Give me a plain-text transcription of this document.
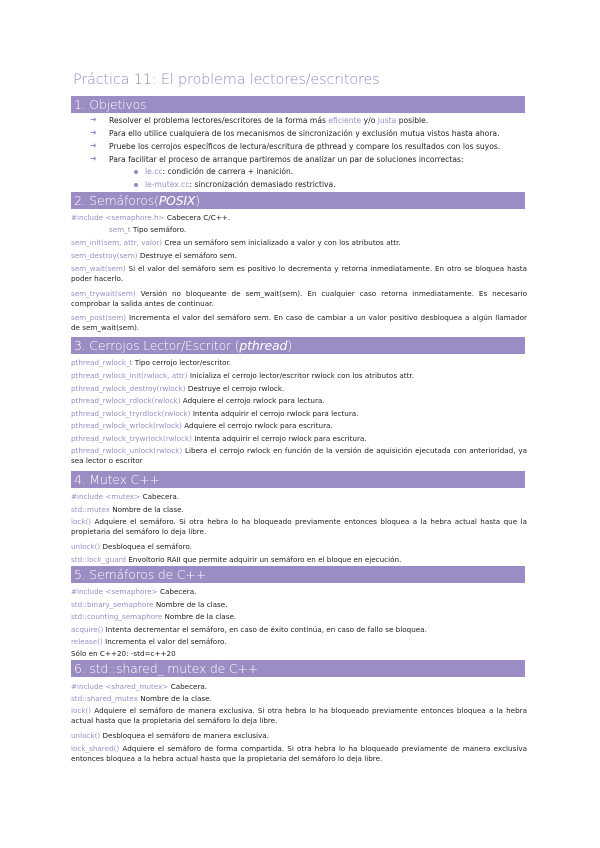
Práctica 11: El problema lectores/escritores
1. Objetivos
➔ Resolver el problema lectores/escritores de la forma más eficiente y/o justa posible.
➔ Para ello utilice cualquiera de los mecanismos de sincronización y exclusión mutua vistos hasta ahora.
➔ Pruebe los cerrojos específicos de lectura/escritura de pthread y compare los resultados con los suyos.
➔ Para facilitar el proceso de arranque partiremos de analizar un par de soluciones incorrectas:
le.cc: condición de carrera + inanición.
le-mutex.cc: sincronización demasiado restrictiva.
2. Semáforos(POSIX)
#include <semaphore.h> Cabecera C/C++.
sem_t Tipo semáforo.
sem_init(sem, attr, valor) Crea un semáforo sem inicializado a valor y con los atributos attr.
sem_destroy(sem) Destruye el semáforo sem.
sem_wait(sem) Si el valor del semáforo sem es positivo lo decrementa y retorna inmediatamente. En otro se bloquea hasta poder hacerlo.
sem_trywait(sem) Versión no bloqueante de sem_wait(sem). En cualquier caso retorna inmediatamente. Es necesario comprobar la salida antes de continuar.
sem_post(sem) Incrementa el valor del semáforo sem. En caso de cambiar a un valor positivo desbloquea a algún llamador de sem_wait(sem).
3. Cerrojos Lector/Escritor (pthread)
pthread_rwlock_t Tipo cerrojo lector/escritor.
pthread_rwlock_init(rwlock, attr) Inicializa el cerrojo lector/escritor rwlock con los atributos attr.
pthread_rwlock_destroy(rwlock) Destruye el cerrojo rwlock.
pthread_rwlock_rdlock(rwlock) Adquiere el cerrojo rwlock para lectura.
pthread_rwlock_tryrdlock(rwlock) Intenta adquirir el cerrojo rwlock para lectura.
pthread_rwlock_wrlock(rwlock) Adquiere el cerrojo rwlock para escritura.
pthread_rwlock_trywrlock(rwlock) Intenta adquirir el cerrojo rwlock para escritura.
pthread_rwlock_unlock(rwlock) Libera el cerrojo rwlock en función de la versión de aquisición ejecutada con anterioridad, ya sea lector o escritor
4. Mutex C++
#include <mutex> Cabecera.
std::mutex Nombre de la clase.
lock() Adquiere el semáforo. Si otra hebra lo ha bloqueado previamente entonces bloquea a la hebra actual hasta que la propietaria del semáforo lo deja libre.
unlock() Desbloquea el semáforo.
std::lock_guard Envoltorio RAII que permite adquirir un semáforo en el bloque en ejecución.
5. Semáforos de C++
#include <semaphore> Cabecera.
std::binary_semaphore Nombre de la clase.
std::counting_semaphore Nombre de la clase.
acquire() Intenta decrementar el semáforo, en caso de éxito continúa, en caso de fallo se bloquea.
release() Incrementa el valor del semáforo.
Sólo en C++20: -std=c++20
6. std::shared_ mutex de C++
#include <shared_mutex> Cabecera.
std::shared_mutex Nombre de la clase.
lock() Adquiere el semáforo de manera exclusiva. Si otra hebra lo ha bloqueado previamente entonces bloquea a la hebra actual hasta que la propietaria del semáforo lo deja libre.
unlock() Desbloquea el semáforo de manera exclusiva.
lock_shared() Adquiere el semáforo de forma compartida. Si otra hebra lo ha bloqueado previamente de manera exclusiva entonces bloquea a la hebra actual hasta que la propietaria del semáforo lo deja libre.
